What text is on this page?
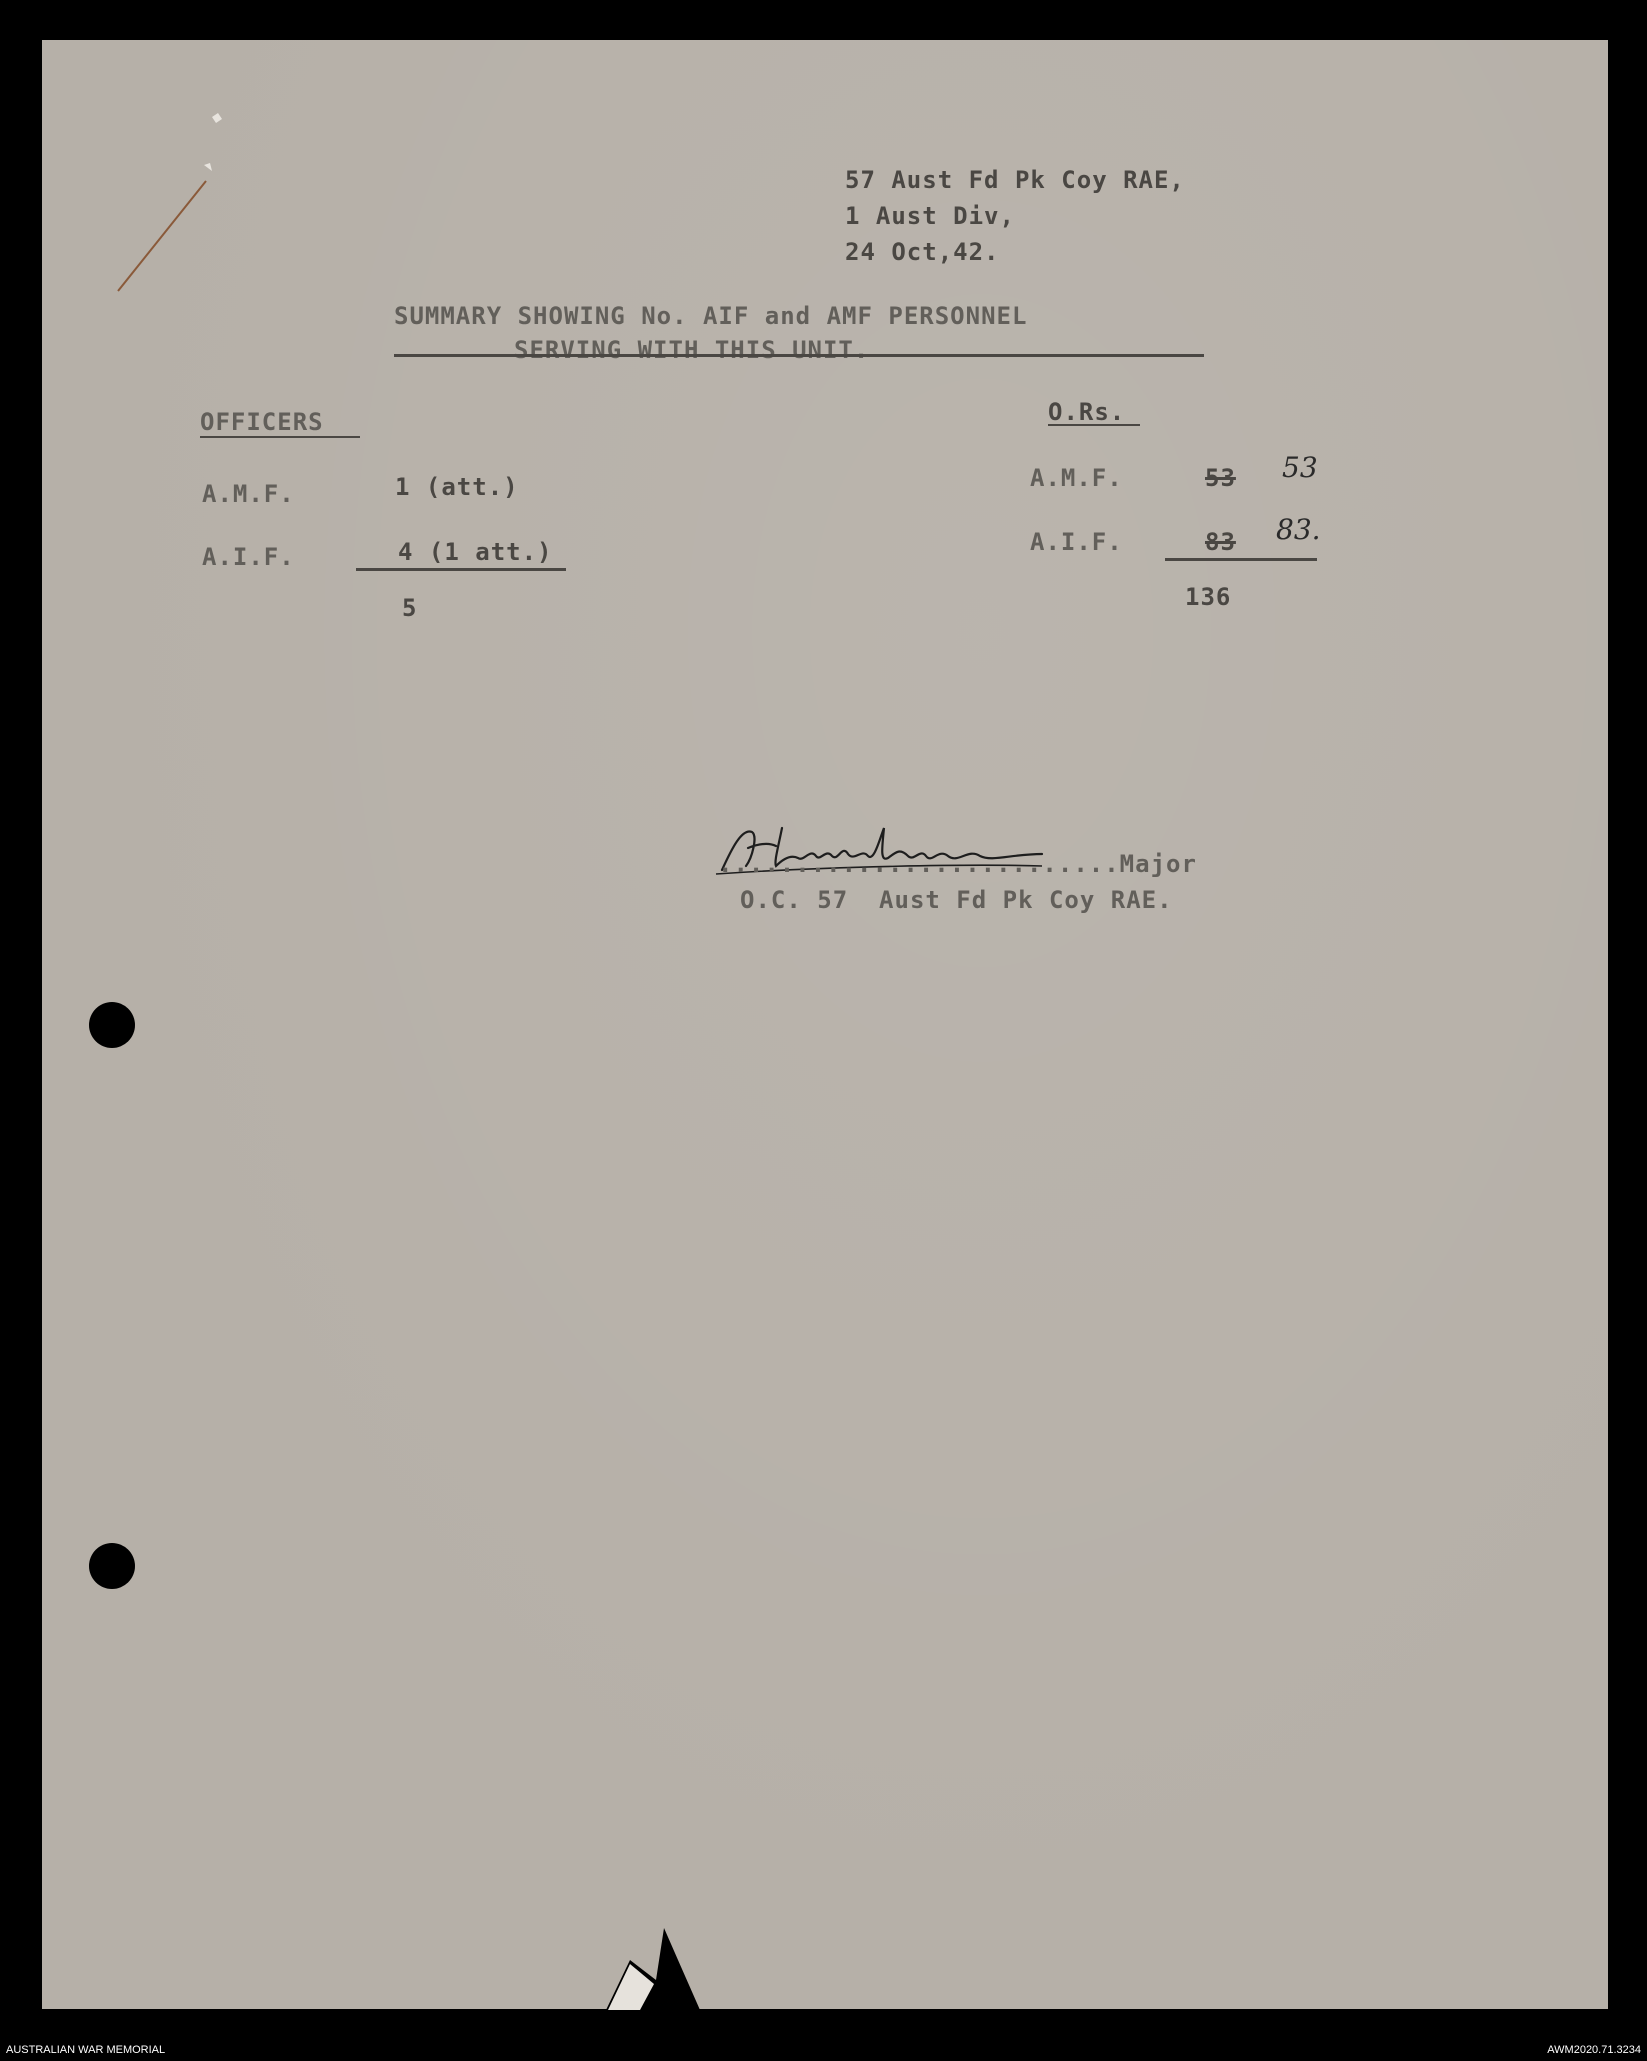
57 Aust Fd Pk Coy RAE,
1 Aust Div,
24 Oct,42.
SUMMARY SHOWING No. AIF and AMF PERSONNEL
SERVING WITH THIS UNIT.
OFFICERS
A.M.F.	1 (att.)
A.I.F.	4 (1 att.)
5
O.Rs.
A.M.F.	53 53
A.I.F.	83 83.
136
..........................Major
O.C. 57  Aust Fd Pk Coy RAE.
AUSTRALIAN WAR MEMORIAL	AWM2020.71.3234
